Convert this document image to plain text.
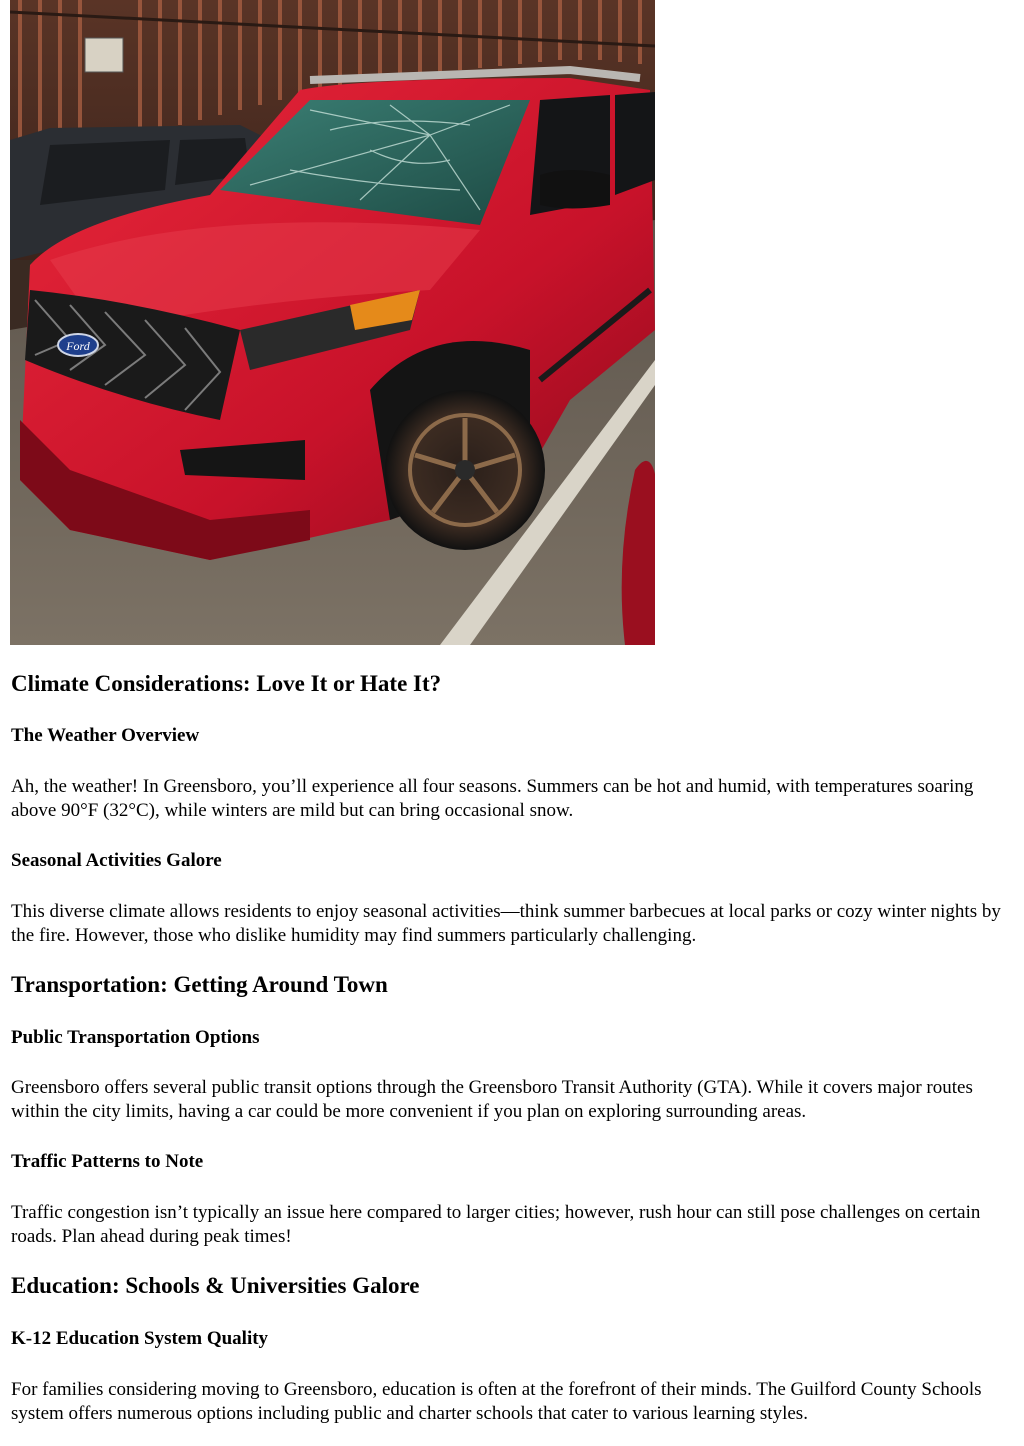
Ford
Climate Considerations: Love It or Hate It?
The Weather Overview

Ah, the weather! In Greensboro, you’ll experience all four seasons. Summers can be hot and humid, with temperatures soaring above 90°F (32°C), while winters are mild but can bring occasional snow.

Seasonal Activities Galore

This diverse climate allows residents to enjoy seasonal activities—think summer barbecues at local parks or cozy winter nights by the fire. However, those who dislike humidity may find summers particularly challenging.

Transportation: Getting Around Town
Public Transportation Options

Greensboro offers several public transit options through the Greensboro Transit Authority (GTA). While it covers major routes within the city limits, having a car could be more convenient if you plan on exploring surrounding areas.

Traffic Patterns to Note

Traffic congestion isn’t typically an issue here compared to larger cities; however, rush hour can still pose challenges on certain roads. Plan ahead during peak times!

Education: Schools & Universities Galore
K-12 Education System Quality

For families considering moving to Greensboro, education is often at the forefront of their minds. The Guilford County Schools system offers numerous options including public and charter schools that cater to various learning styles.
